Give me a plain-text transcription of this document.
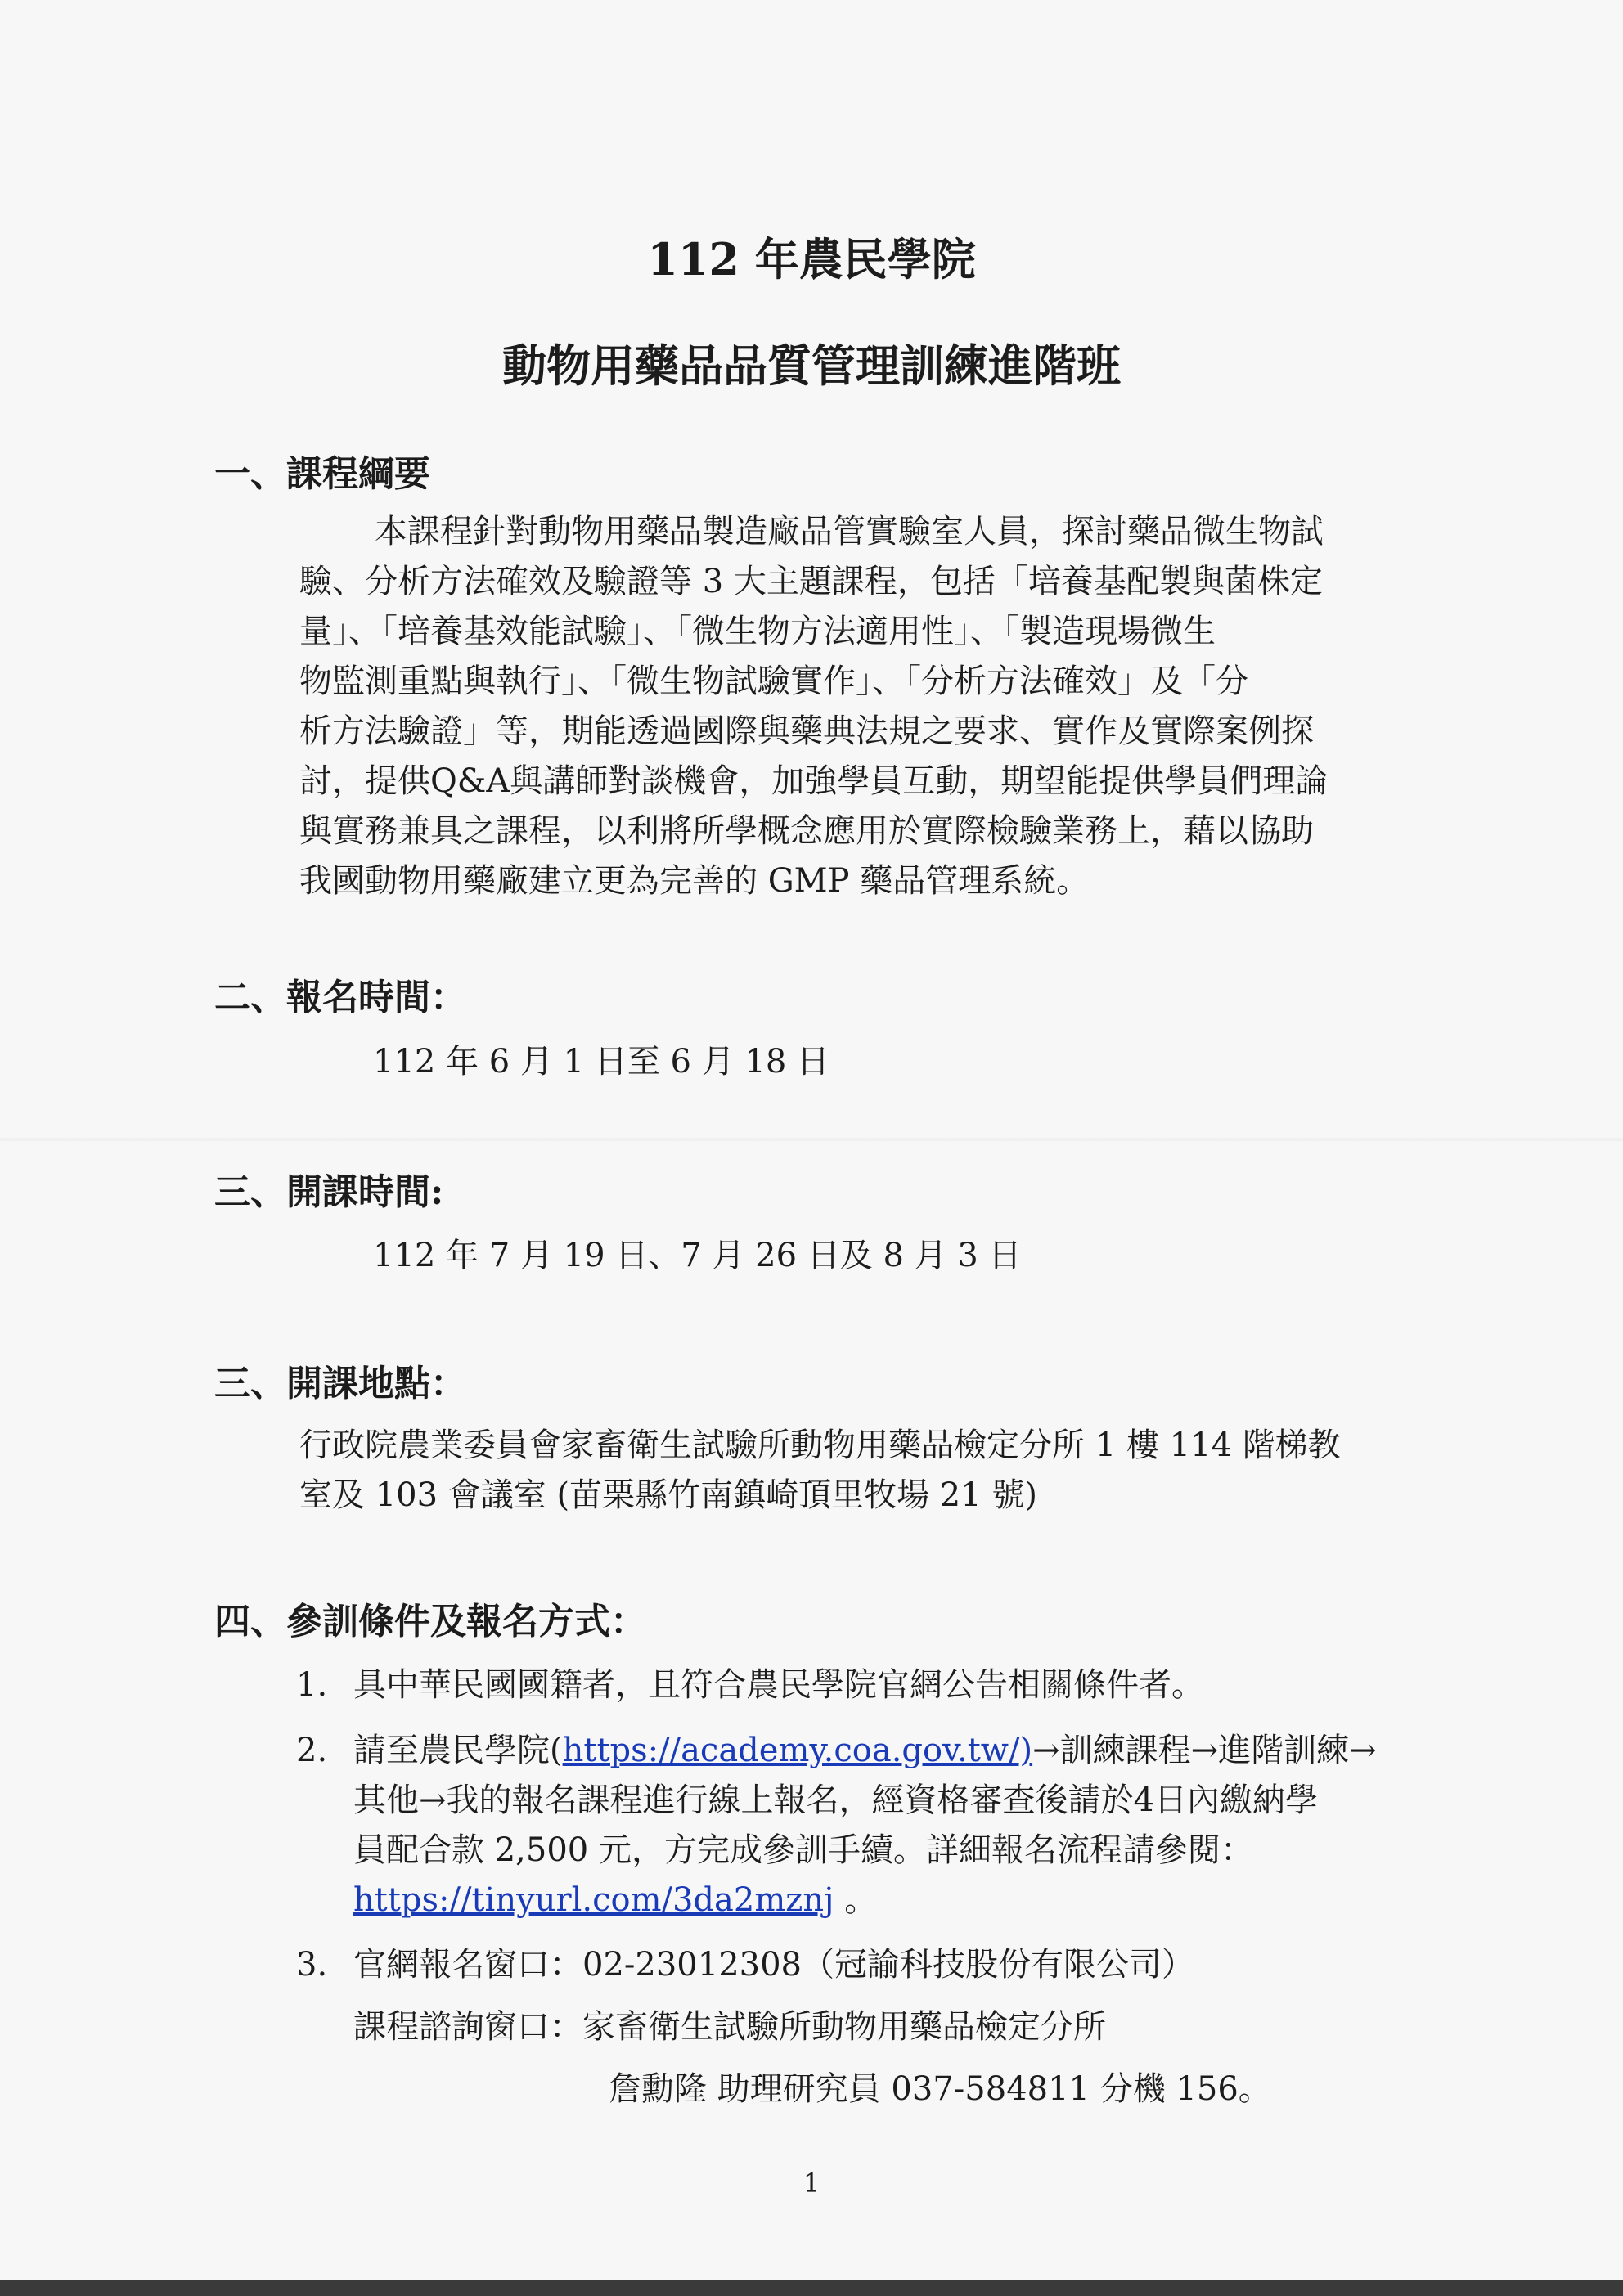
112 年農民學院
動物用藥品品質管理訓練進階班
一、課程綱要
本課程針對動物用藥品製造廠品管實驗室人員，探討藥品微生物試
驗、分析方法確效及驗證等 3 大主題課程，包括「培養基配製與菌株定
量」、「培養基效能試驗」、「微生物方法適用性」、「製造現場微生
物監測重點與執行」、「微生物試驗實作」、「分析方法確效」及「分
析方法驗證」等，期能透過國際與藥典法規之要求、實作及實際案例探
討，提供Q&A與講師對談機會，加強學員互動，期望能提供學員們理論
與實務兼具之課程，以利將所學概念應用於實際檢驗業務上，藉以協助
我國動物用藥廠建立更為完善的 GMP 藥品管理系統。
二、報名時間：
112 年 6 月 1 日至 6 月 18 日
三、開課時間:
112 年 7 月 19 日、7 月 26 日及 8 月 3 日
三、開課地點：
行政院農業委員會家畜衛生試驗所動物用藥品檢定分所 1 樓 114 階梯教
室及 103 會議室 (苗栗縣竹南鎮崎頂里牧場 21 號)
四、參訓條件及報名方式：
1. 具中華民國國籍者，且符合農民學院官網公告相關條件者。
2. 請至農民學院(https://academy.coa.gov.tw/)→訓練課程→進階訓練→
其他→我的報名課程進行線上報名，經資格審查後請於4日內繳納學
員配合款 2,500 元，方完成參訓手續。詳細報名流程請參閱：
https://tinyurl.com/3da2mznj 。
3. 官網報名窗口：02-23012308（冠諭科技股份有限公司）
課程諮詢窗口：家畜衛生試驗所動物用藥品檢定分所
詹勳隆 助理研究員 037-584811 分機 156。
1
